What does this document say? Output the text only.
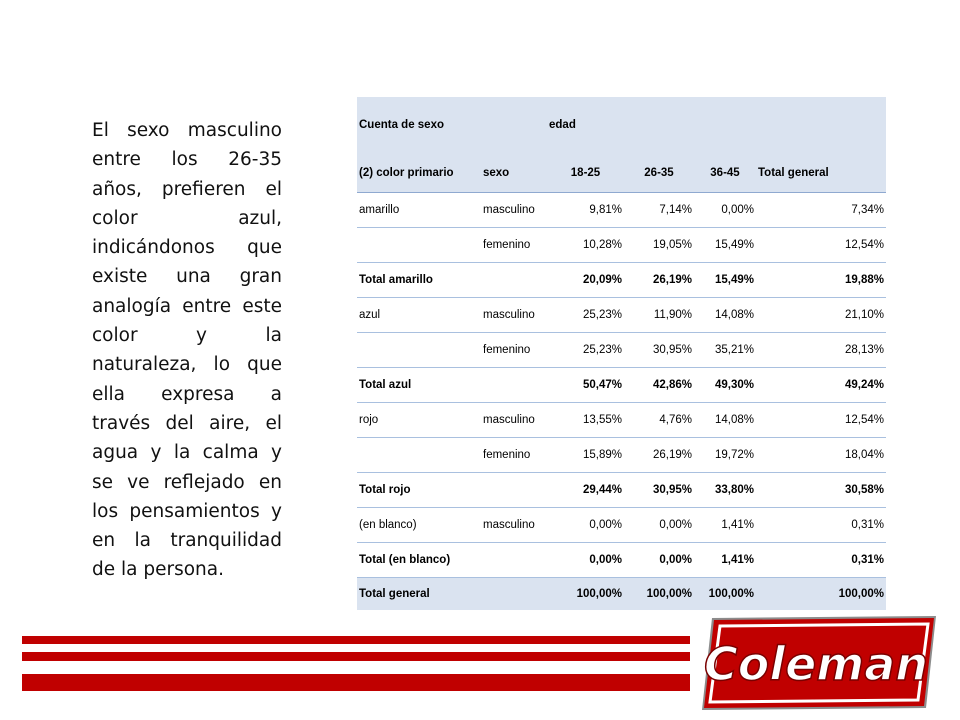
El sexo masculino entre los 26-35 años, prefieren el color azul, indicándonos que existe una gran analogía entre este color y la naturaleza, lo que ella expresa a través del aire, el agua y la calma y se ve reflejado en los pensamientos y en la tranquilidad de la persona.
Cuenta de sexo		edad			
(2) color primario	sexo	18-25	26-35	36-45	Total general
amarillo	masculino	9,81%	7,14%	0,00%	7,34%
	femenino	10,28%	19,05%	15,49%	12,54%
Total amarillo		20,09%	26,19%	15,49%	19,88%
azul	masculino	25,23%	11,90%	14,08%	21,10%
	femenino	25,23%	30,95%	35,21%	28,13%
Total azul		50,47%	42,86%	49,30%	49,24%
rojo	masculino	13,55%	4,76%	14,08%	12,54%
	femenino	15,89%	26,19%	19,72%	18,04%
Total rojo		29,44%	30,95%	33,80%	30,58%
(en blanco)	masculino	0,00%	0,00%	1,41%	0,31%
Total (en blanco)		0,00%	0,00%	1,41%	0,31%
Total general		100,00%	100,00%	100,00%	100,00%
Coleman
